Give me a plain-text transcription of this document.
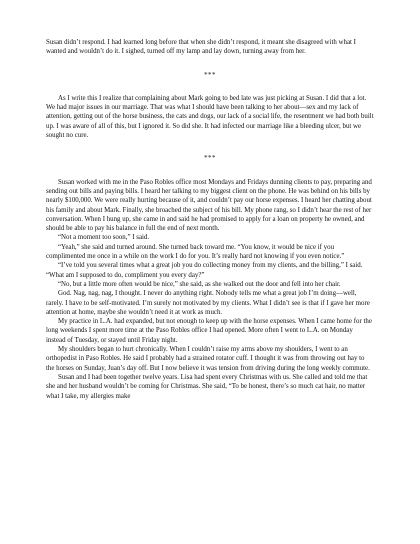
Susan didn’t respond. I had learned long before that when she didn’t respond, it meant she disagreed with what I wanted and wouldn’t do it. I sighed, turned off my lamp and lay down, turning away from her.

***

As I write this I realize that complaining about Mark going to bed late was just picking at Susan. I did that a lot. We had major issues in our marriage. That was what I should have been talking to her about—sex and my lack of attention, getting out of the horse business, the cats and dogs, our lack of a social life, the resentment we had both built up. I was aware of all of this, but I ignored it. So did she. It had infected our marriage like a bleeding ulcer, but we sought no cure.

***

Susan worked with me in the Paso Robles office most Mondays and Fridays dunning clients to pay, preparing and sending out bills and paying bills. I heard her talking to my biggest client on the phone. He was behind on his bills by nearly $100,000. We were really hurting because of it, and couldn’t pay our horse expenses. I heard her chatting about his family and about Mark. Finally, she broached the subject of his bill. My phone rang, so I didn’t hear the rest of her conversation. When I hung up, she came in and said he had promised to apply for a loan on property he owned, and should be able to pay his balance in full the end of next month.

“Not a moment too soon,” I said.

“Yeah,” she said and turned around. She turned back toward me. “You know, it would be nice if you complimented me once in a while on the work I do for you. It’s really hard not knowing if you even notice.”

“I’ve told you several times what a great job you do collecting money from my clients, and the billing,” I said. “What am I supposed to do, compliment you every day?”

“No, but a little more often would be nice,” she said, as she walked out the door and fell into her chair.

God. Nag, nag, nag, I thought. I never do anything right. Nobody tells me what a great job I’m doing—well, rarely. I have to be self-motivated. I’m surely not motivated by my clients. What I didn’t see is that if I gave her more attention at home, maybe she wouldn’t need it at work as much.

My practice in L.A. had expanded, but not enough to keep up with the horse expenses. When I came home for the long weekends I spent more time at the Paso Robles office I had opened. More often I went to L.A. on Monday instead of Tuesday, or stayed until Friday night.

My shoulders began to hurt chronically. When I couldn’t raise my arms above my shoulders, I went to an orthopedist in Paso Robles. He said I probably had a strained rotator cuff. I thought it was from throwing out hay to the horses on Sunday, Juan’s day off. But I now believe it was tension from driving during the long weekly commute.

Susan and I had been together twelve years. Lisa had spent every Christmas with us. She called and told me that she and her husband wouldn’t be coming for Christmas. She said, “To be honest, there’s so much cat hair, no matter what I take, my allergies make
